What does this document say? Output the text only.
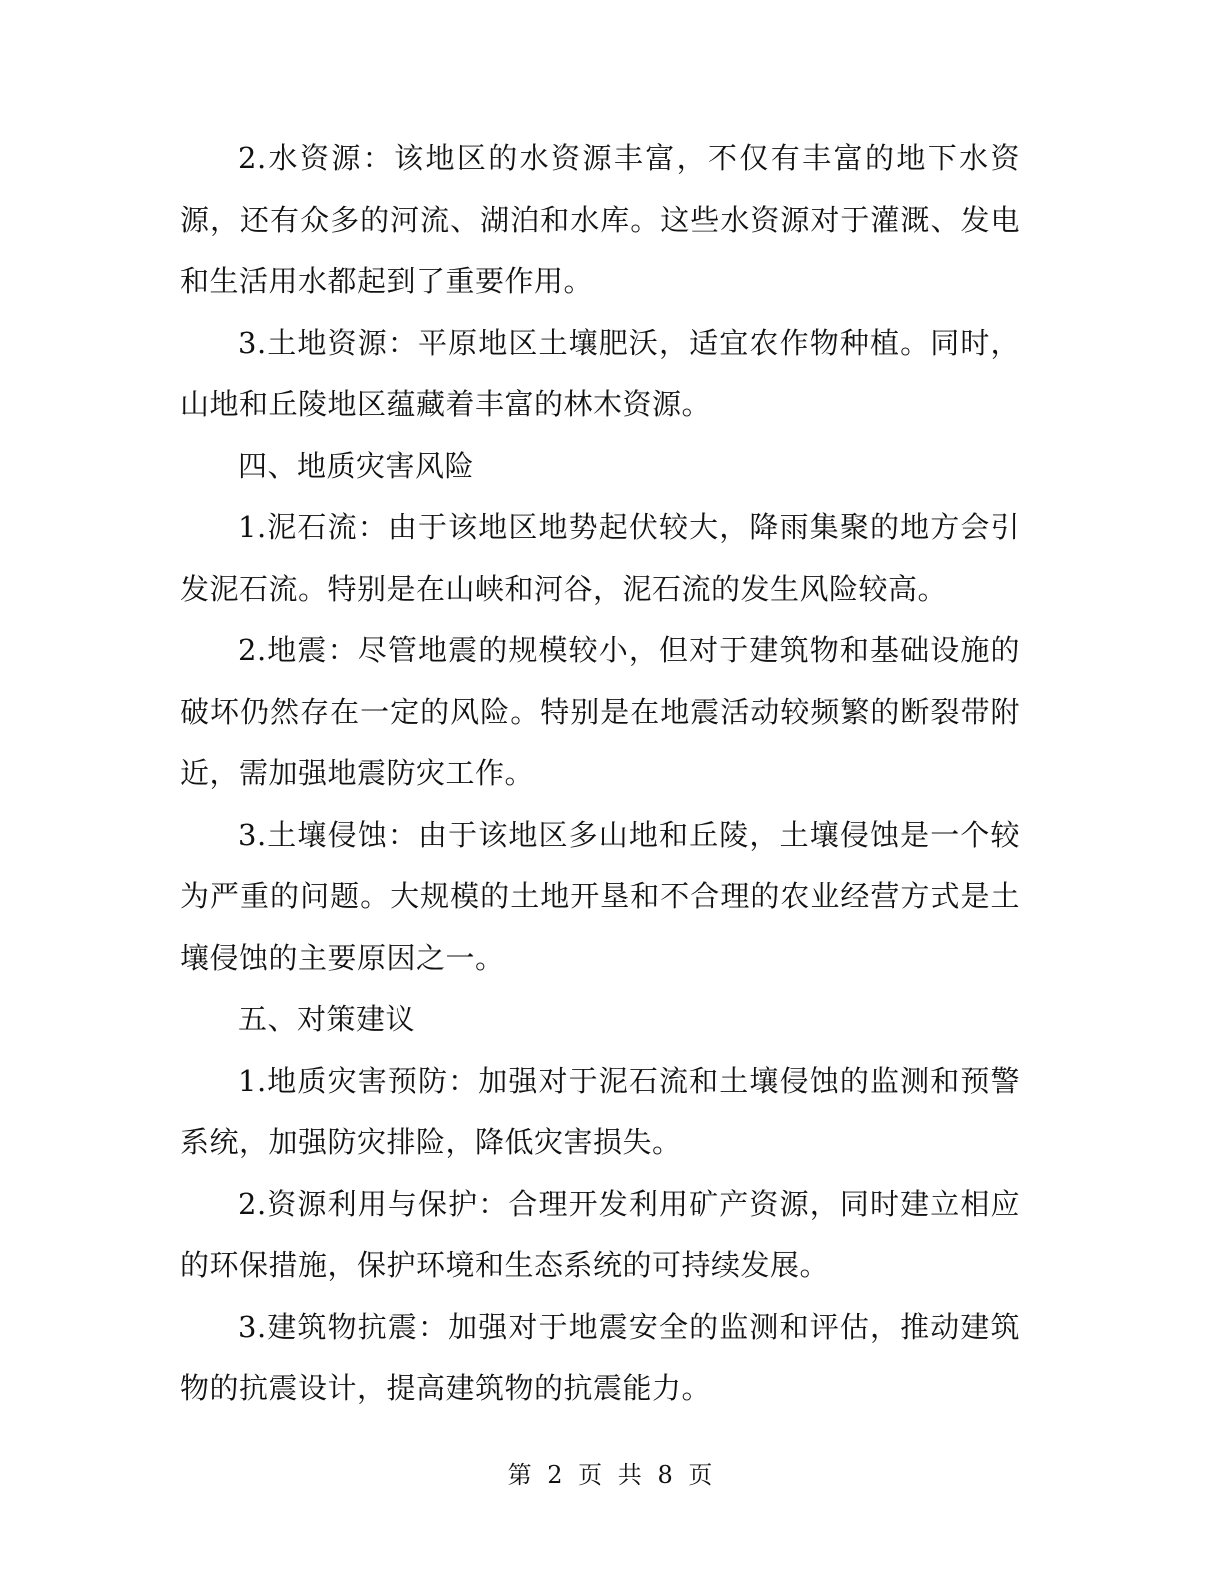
2.水资源：该地区的水资源丰富，不仅有丰富的地下水资源，还有众多的河流、湖泊和水库。这些水资源对于灌溉、发电和生活用水都起到了重要作用。

3.土地资源：平原地区土壤肥沃，适宜农作物种植。同时，山地和丘陵地区蕴藏着丰富的林木资源。

四、地质灾害风险

1.泥石流：由于该地区地势起伏较大，降雨集聚的地方会引发泥石流。特别是在山峡和河谷，泥石流的发生风险较高。

2.地震：尽管地震的规模较小，但对于建筑物和基础设施的破坏仍然存在一定的风险。特别是在地震活动较频繁的断裂带附近，需加强地震防灾工作。

3.土壤侵蚀：由于该地区多山地和丘陵，土壤侵蚀是一个较为严重的问题。大规模的土地开垦和不合理的农业经营方式是土壤侵蚀的主要原因之一。

五、对策建议

1.地质灾害预防：加强对于泥石流和土壤侵蚀的监测和预警系统，加强防灾排险，降低灾害损失。

2.资源利用与保护：合理开发利用矿产资源，同时建立相应的环保措施，保护环境和生态系统的可持续发展。

3.建筑物抗震：加强对于地震安全的监测和评估，推动建筑物的抗震设计，提高建筑物的抗震能力。

第 2 页 共 8 页
